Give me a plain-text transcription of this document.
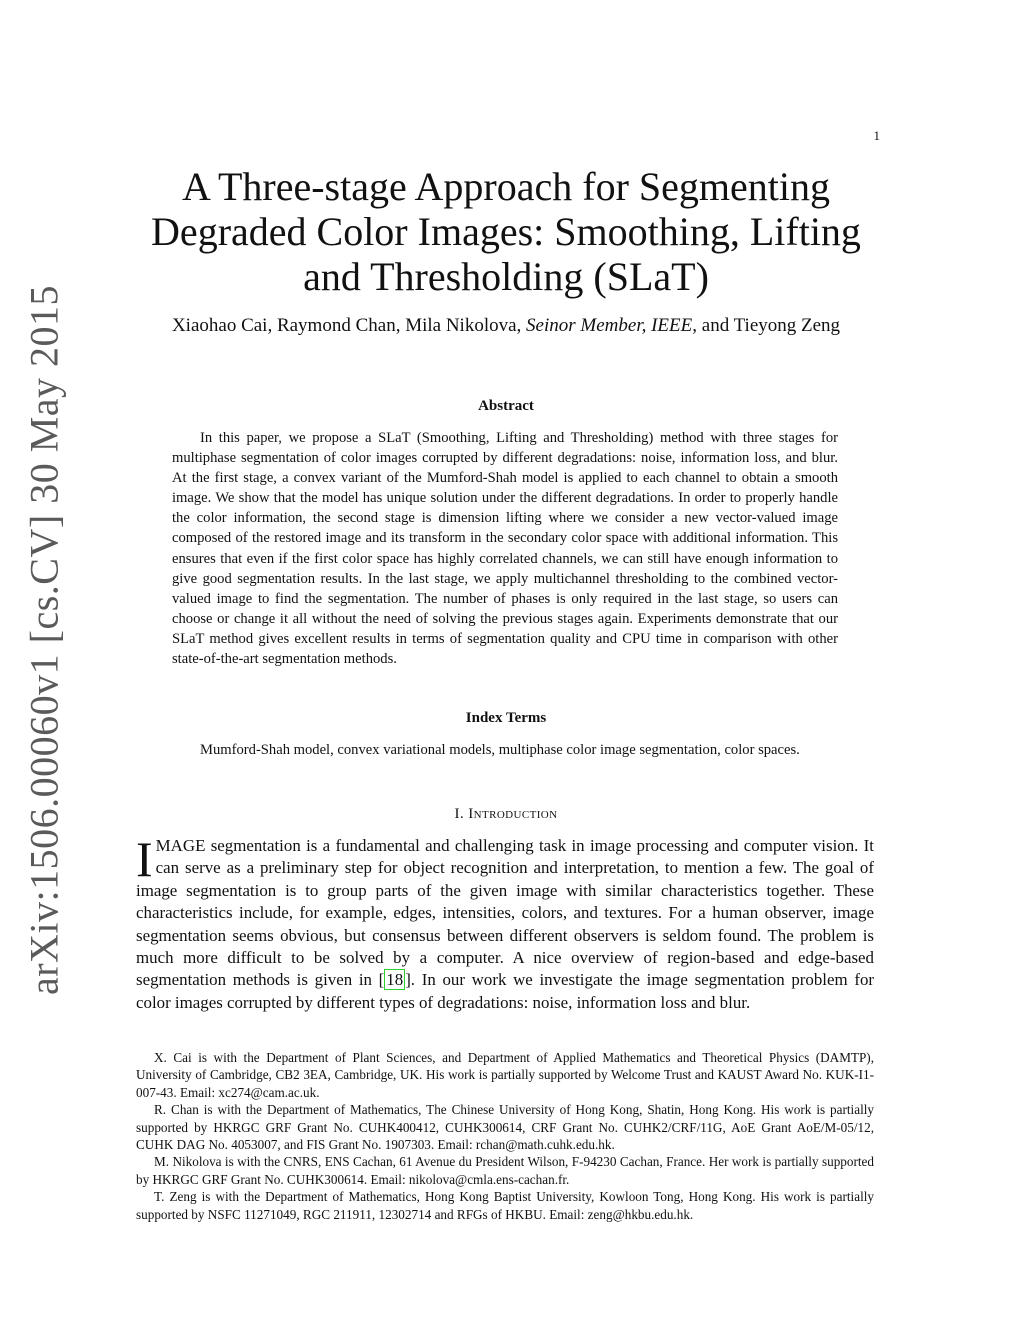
1
arXiv:1506.00060v1 [cs.CV] 30 May 2015
A Three-stage Approach for Segmenting
Degraded Color Images: Smoothing, Lifting
and Thresholding (SLaT)
Xiaohao Cai, Raymond Chan, Mila Nikolova, Seinor Member, IEEE, and Tieyong Zeng
Abstract
In this paper, we propose a SLaT (Smoothing, Lifting and Thresholding) method with three stages for multiphase segmentation of color images corrupted by different degradations: noise, information loss, and blur. At the first stage, a convex variant of the Mumford-Shah model is applied to each channel to obtain a smooth image. We show that the model has unique solution under the different degradations. In order to properly handle the color information, the second stage is dimension lifting where we consider a new vector-valued image composed of the restored image and its transform in the secondary color space with additional information. This ensures that even if the first color space has highly correlated channels, we can still have enough information to give good segmentation results. In the last stage, we apply multichannel thresholding to the combined vector-valued image to find the segmentation. The number of phases is only required in the last stage, so users can choose or change it all without the need of solving the previous stages again. Experiments demonstrate that our SLaT method gives excellent results in terms of segmentation quality and CPU time in comparison with other state-of-the-art segmentation methods.
Index Terms
Mumford-Shah model, convex variational models, multiphase color image segmentation, color spaces.
I. Introduction
IMAGE segmentation is a fundamental and challenging task in image processing and computer vision. It can serve as a preliminary step for object recognition and interpretation, to mention a few. The goal of image segmentation is to group parts of the given image with similar characteristics together. These characteristics include, for example, edges, intensities, colors, and textures. For a human observer, image segmentation seems obvious, but consensus between different observers is seldom found. The problem is much more difficult to be solved by a computer. A nice overview of region-based and edge-based segmentation methods is given in [ 18 ]. In our work we investigate the image segmentation problem for color images corrupted by different types of degradations: noise, information loss and blur.

X. Cai is with the Department of Plant Sciences, and Department of Applied Mathematics and Theoretical Physics (DAMTP), University of Cambridge, CB2 3EA, Cambridge, UK. His work is partially supported by Welcome Trust and KAUST Award No. KUK-I1-007-43. Email: xc274@cam.ac.uk.

R. Chan is with the Department of Mathematics, The Chinese University of Hong Kong, Shatin, Hong Kong. His work is partially supported by HKRGC GRF Grant No. CUHK400412, CUHK300614, CRF Grant No. CUHK2/CRF/11G, AoE Grant AoE/M-05/12, CUHK DAG No. 4053007, and FIS Grant No. 1907303. Email: rchan@math.cuhk.edu.hk.

M. Nikolova is with the CNRS, ENS Cachan, 61 Avenue du President Wilson, F-94230 Cachan, France. Her work is partially supported by HKRGC GRF Grant No. CUHK300614. Email: nikolova@cmla.ens-cachan.fr.

T. Zeng is with the Department of Mathematics, Hong Kong Baptist University, Kowloon Tong, Hong Kong. His work is partially supported by NSFC 11271049, RGC 211911, 12302714 and RFGs of HKBU. Email: zeng@hkbu.edu.hk.
